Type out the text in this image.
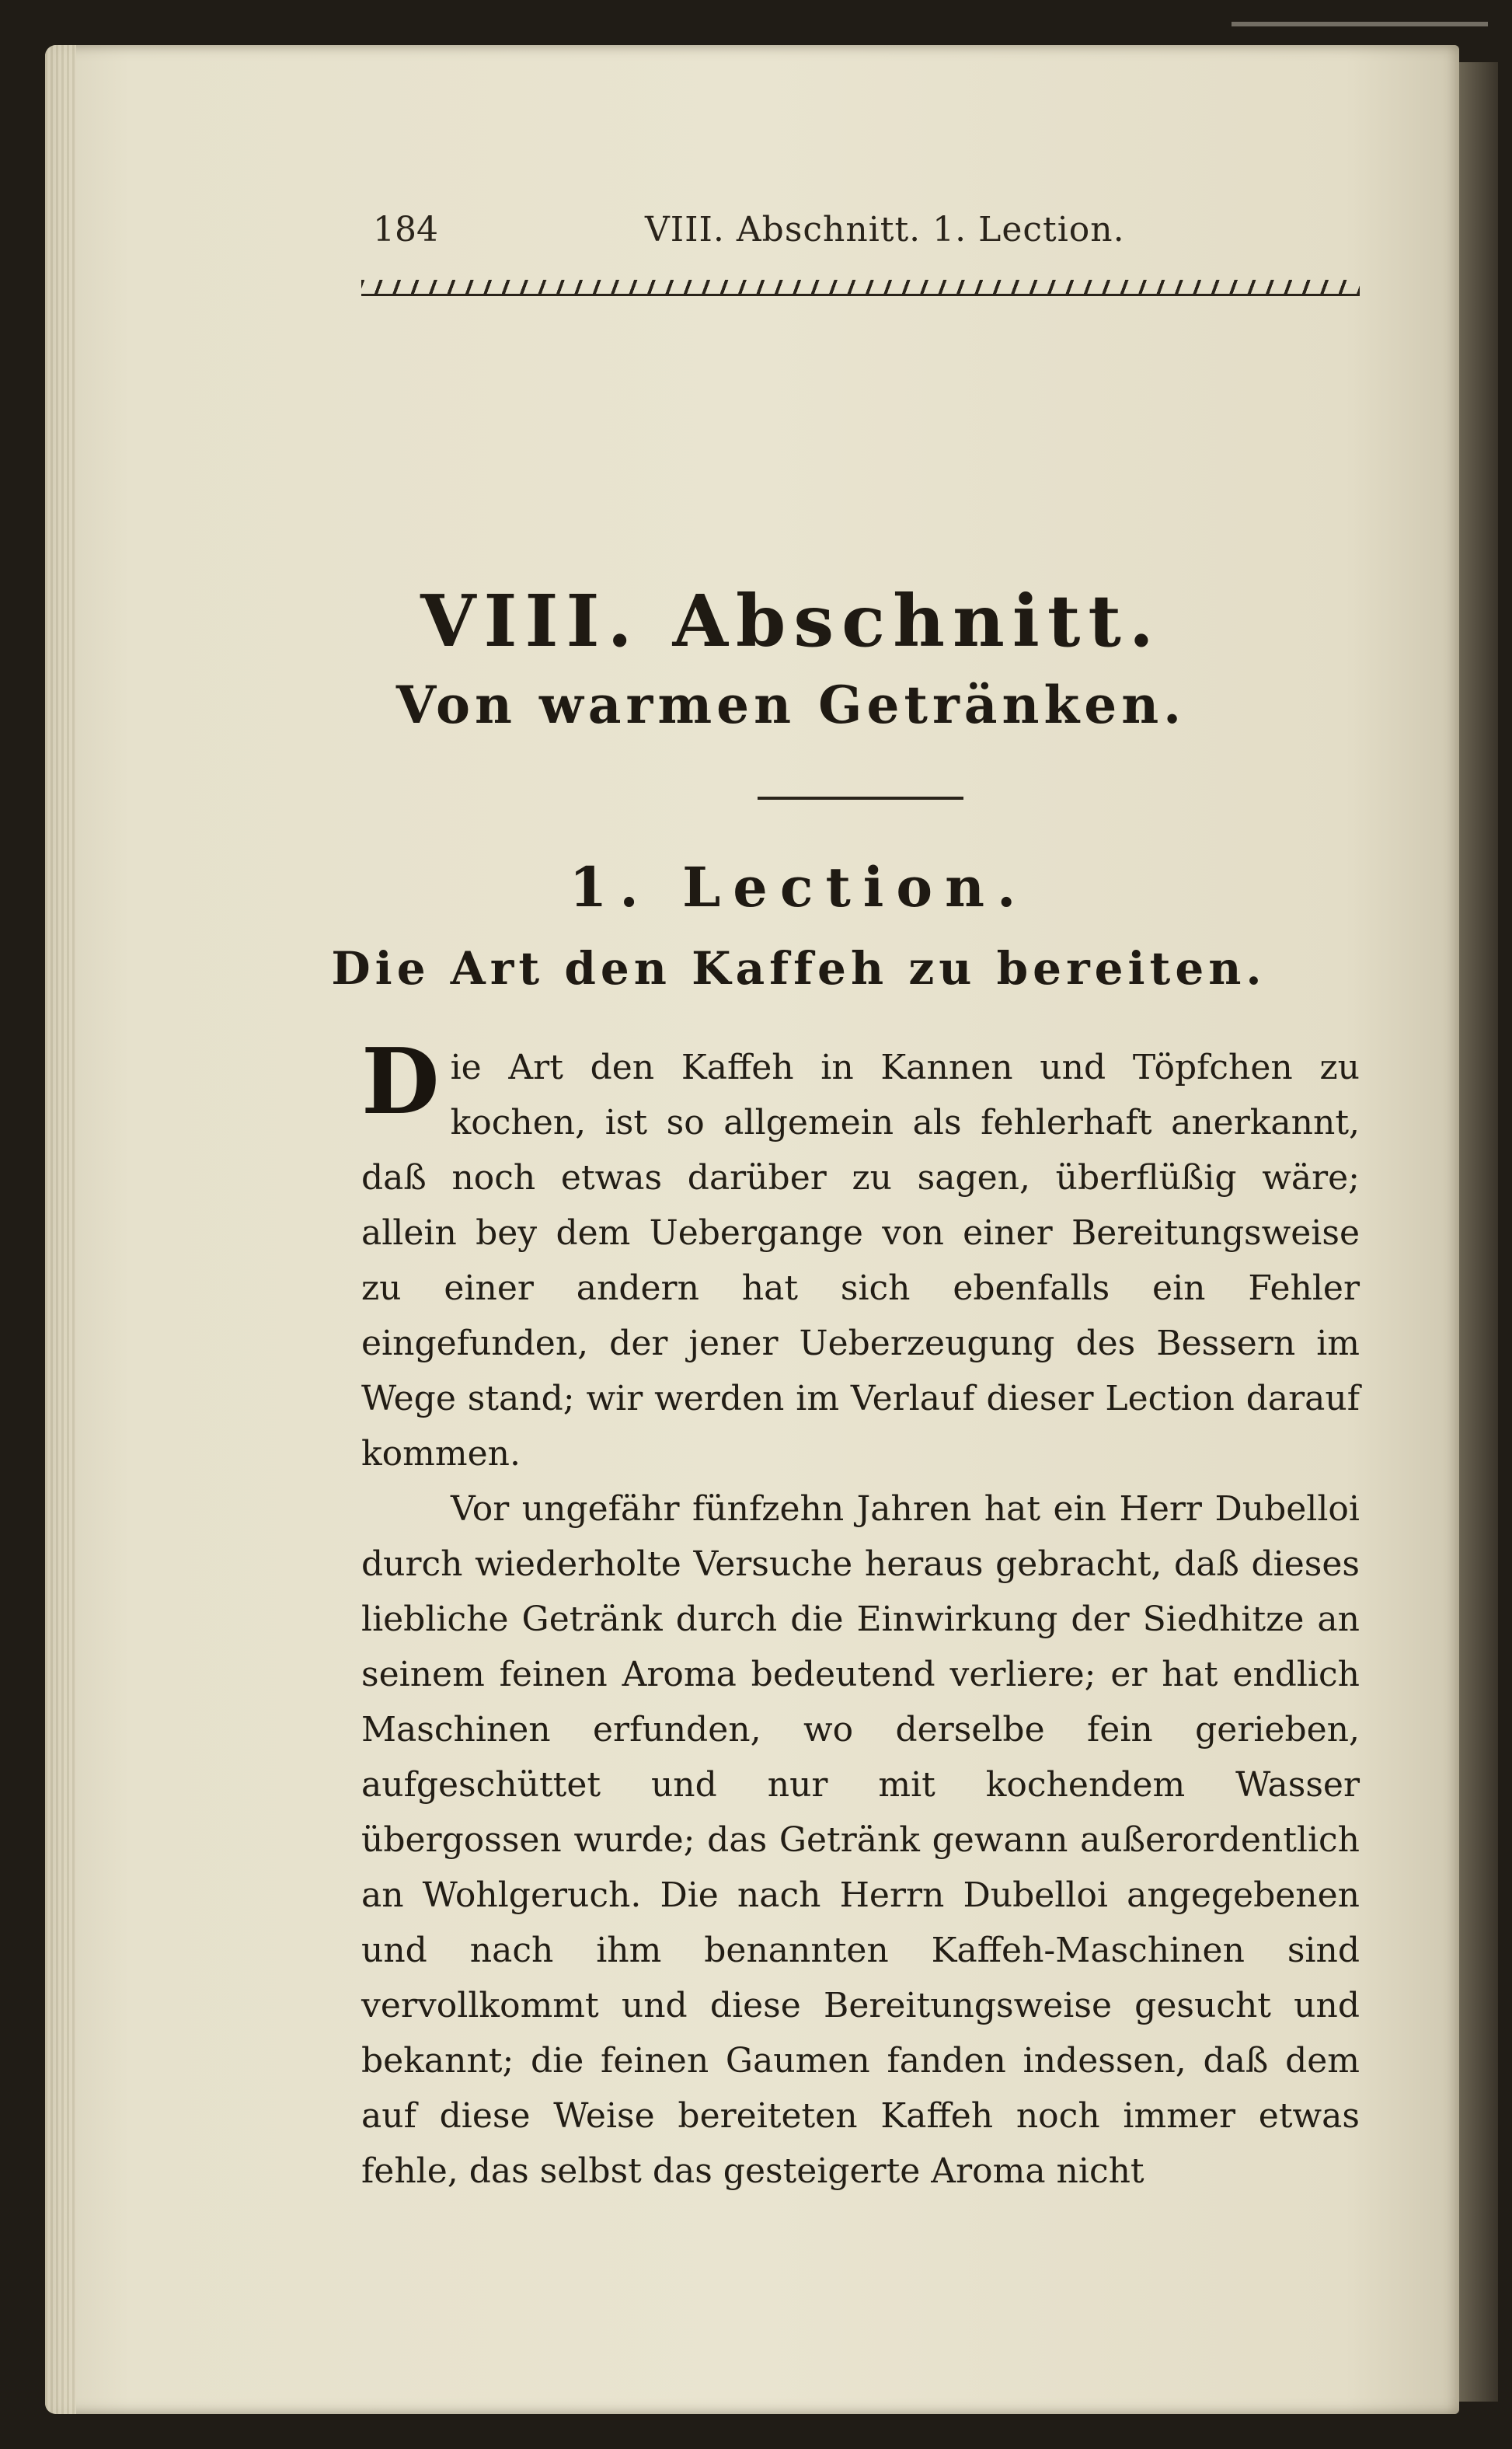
184	VIII. Abschnitt. 1. Lection.
VIII. Abschnitt.
Von warmen Getränken.
1. Lection.
Die Art den Kaffeh zu bereiten.

Die Art den Kaffeh in Kannen und Töpfchen zu kochen, ist so allgemein als fehlerhaft anerkannt, daß noch etwas darüber zu sagen, überflüßig wäre; allein bey dem Uebergange von einer Bereitungsweise zu einer andern hat sich ebenfalls ein Fehler eingefunden, der jener Ueberzeugung des Bessern im Wege stand; wir werden im Verlauf dieser Lection darauf kommen.

Vor ungefähr fünfzehn Jahren hat ein Herr Dubelloi durch wiederholte Versuche heraus gebracht, daß dieses liebliche Getränk durch die Einwirkung der Siedhitze an seinem feinen Aroma bedeutend verliere; er hat endlich Maschinen erfunden, wo derselbe fein gerieben, aufgeschüttet und nur mit kochendem Wasser übergossen wurde; das Getränk gewann außerordentlich an Wohlgeruch. Die nach Herrn Dubelloi angegebenen und nach ihm benannten Kaffeh-Maschinen sind vervollkommt und diese Bereitungsweise gesucht und bekannt; die feinen Gaumen fanden indessen, daß dem auf diese Weise bereiteten Kaffeh noch immer etwas fehle, das selbst das gesteigerte Aroma nicht
